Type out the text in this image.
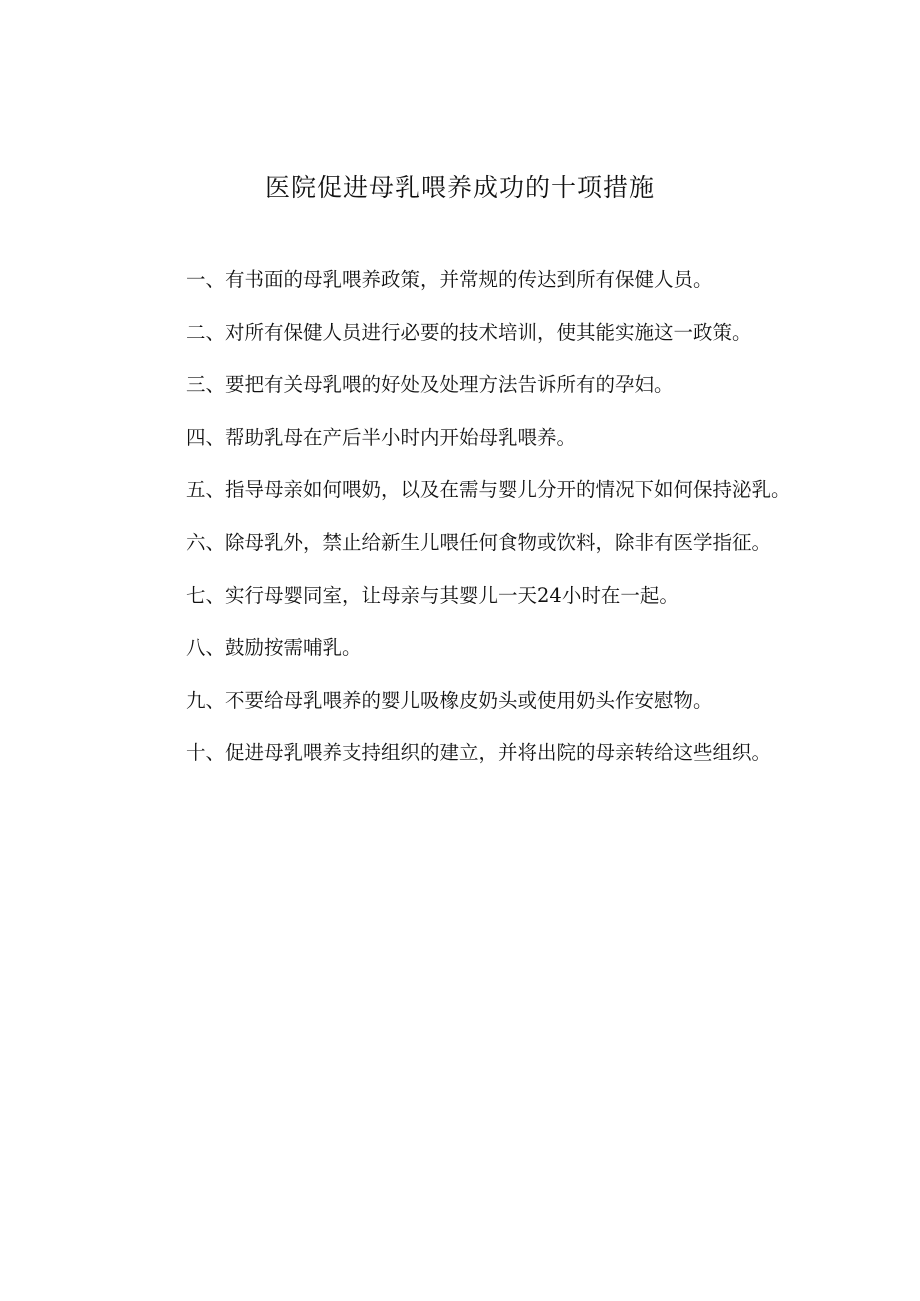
医院促进母乳喂养成功的十项措施

一、有书面的母乳喂养政策，并常规的传达到所有保健人员。

二、对所有保健人员进行必要的技术培训，使其能实施这一政策。

三、要把有关母乳喂的好处及处理方法告诉所有的孕妇。

四、帮助乳母在产后半小时内开始母乳喂养。

五、指导母亲如何喂奶，以及在需与婴儿分开的情况下如何保持泌乳。

六、除母乳外，禁止给新生儿喂任何食物或饮料，除非有医学指征。

七、实行母婴同室，让母亲与其婴儿一天24小时在一起。

八、鼓励按需哺乳。

九、不要给母乳喂养的婴儿吸橡皮奶头或使用奶头作安慰物。

十、促进母乳喂养支持组织的建立，并将出院的母亲转给这些组织。
